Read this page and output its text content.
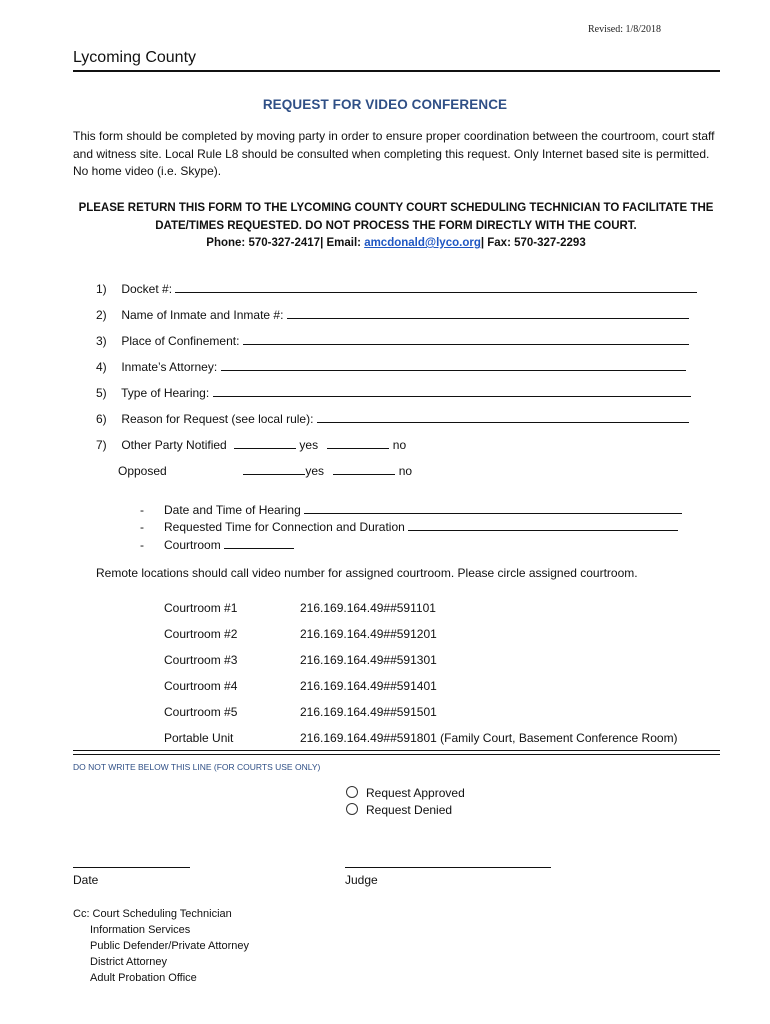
Revised: 1/8/2018
Lycoming County
REQUEST FOR VIDEO CONFERENCE
This form should be completed by moving party in order to ensure proper coordination between the courtroom, court staff and witness site. Local Rule L8 should be consulted when completing this request. Only Internet based site is permitted. No home video (i.e. Skype).
PLEASE RETURN THIS FORM TO THE LYCOMING COUNTY COURT SCHEDULING TECHNICIAN TO FACILITATE THE DATE/TIMES REQUESTED. DO NOT PROCESS THE FORM DIRECTLY WITH THE COURT.
Phone: 570-327-2417| Email: amcdonald@lyco.org| Fax: 570-327-2293
1) Docket #:
2) Name of Inmate and Inmate #:
3) Place of Confinement:
4) Inmate’s Attorney:
5) Type of Hearing:
6) Reason for Request (see local rule):
7) Other Party Notified	yes	no
Opposed	yes	no
- Date and Time of Hearing
- Requested Time for Connection and Duration
- Courtroom
Remote locations should call video number for assigned courtroom. Please circle assigned courtroom.
Courtroom #1	216.169.164.49##591101
Courtroom #2	216.169.164.49##591201
Courtroom #3	216.169.164.49##591301
Courtroom #4	216.169.164.49##591401
Courtroom #5	216.169.164.49##591501
Portable Unit	216.169.164.49##591801 (Family Court, Basement Conference Room)
DO NOT WRITE BELOW THIS LINE (FOR COURTS USE ONLY)
Request Approved
Request Denied
Date	Judge
Cc: Court Scheduling Technician
Information Services
Public Defender/Private Attorney
District Attorney
Adult Probation Office
